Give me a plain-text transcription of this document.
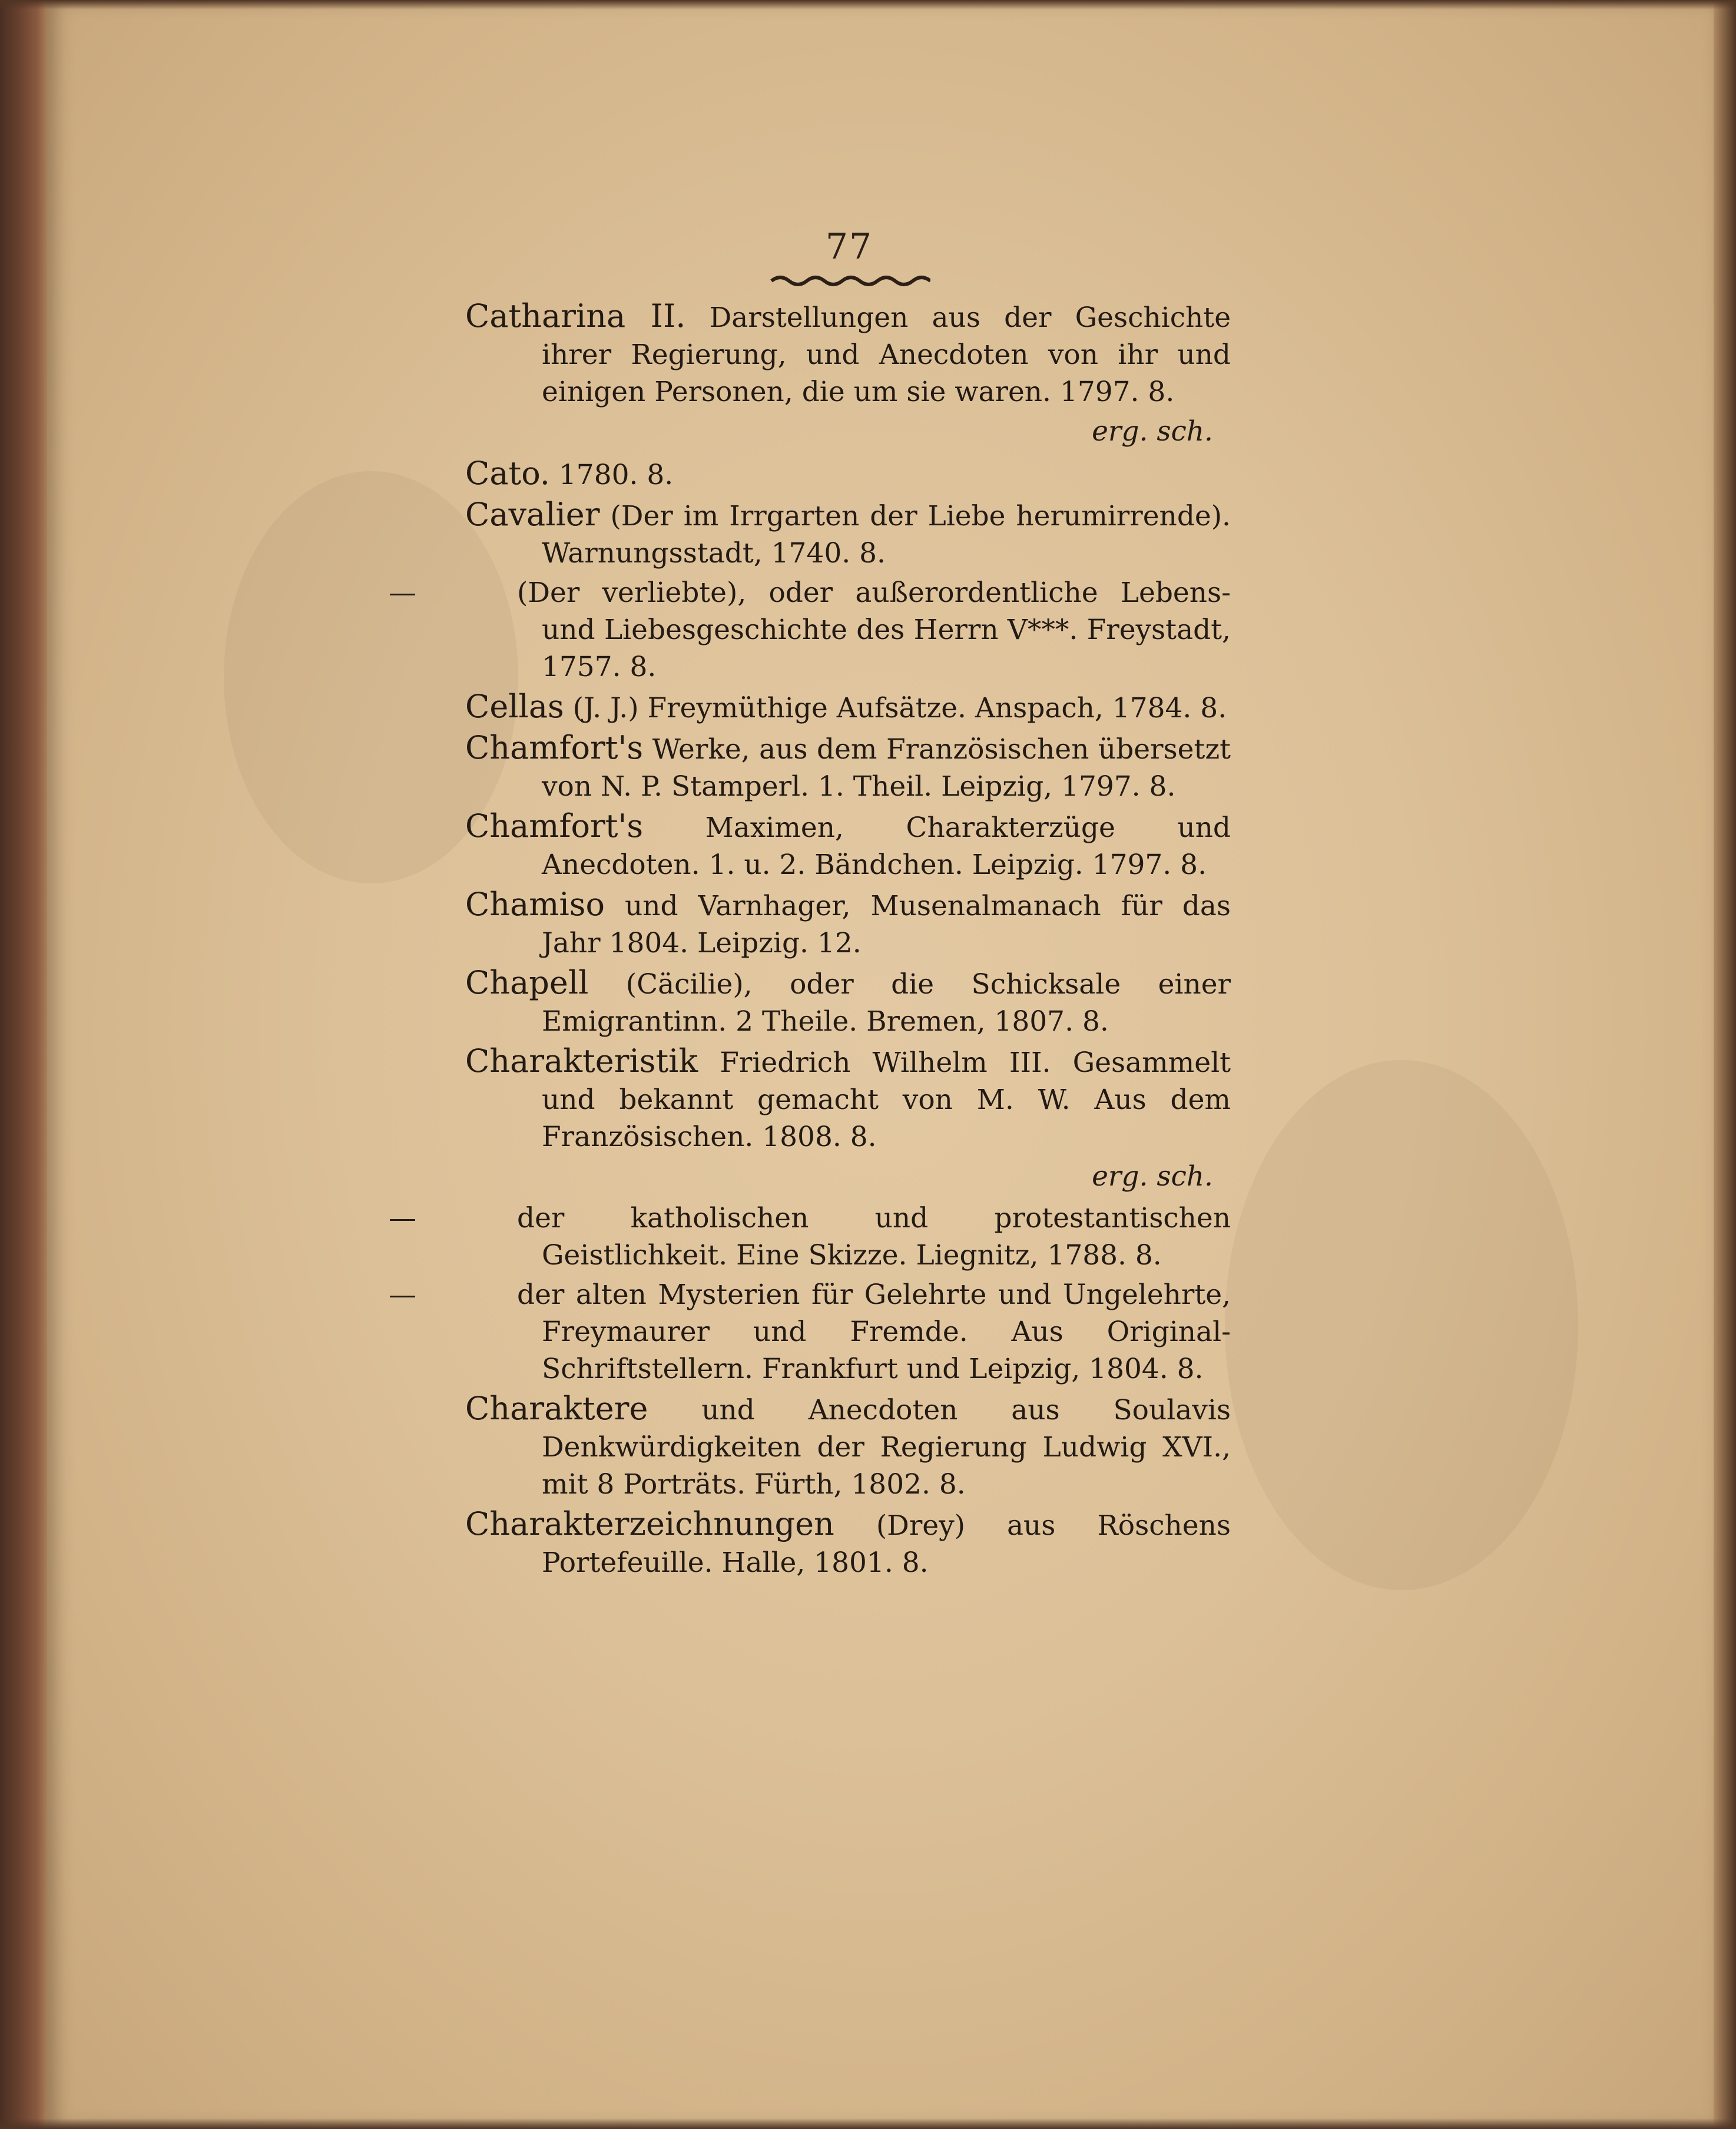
77

Catharina II. Darstellungen aus der Geschichte ihrer Regierung, und Anecdoten von ihr und einigen Personen, die um sie waren. 1797. 8.

erg. sch.

Cato. 1780. 8.

Cavalier (Der im Irrgarten der Liebe herumirrende). Warnungsstadt, 1740. 8.

—	(Der verliebte), oder außerordentliche Lebens- und Liebesgeschichte des Herrn V***. Freystadt, 1757. 8.

Cellas (J. J.) Freymüthige Aufsätze. Anspach, 1784. 8.

Chamfort's Werke, aus dem Französischen übersetzt von N. P. Stamperl. 1. Theil. Leipzig, 1797. 8.

Chamfort's Maximen, Charakterzüge und Anecdoten. 1. u. 2. Bändchen. Leipzig. 1797. 8.

Chamiso und Varnhager, Musenalmanach für das Jahr 1804. Leipzig. 12.

Chapell (Cäcilie), oder die Schicksale einer Emigrantinn. 2 Theile. Bremen, 1807. 8.

Charakteristik Friedrich Wilhelm III. Gesammelt und bekannt gemacht von M. W. Aus dem Französischen. 1808. 8.

erg. sch.

—	der katholischen und protestantischen Geistlichkeit. Eine Skizze. Liegnitz, 1788. 8.

—	der alten Mysterien für Gelehrte und Ungelehrte, Freymaurer und Fremde. Aus Original-Schriftstellern. Frankfurt und Leipzig, 1804. 8.

Charaktere und Anecdoten aus Soulavis Denkwürdigkeiten der Regierung Ludwig XVI., mit 8 Porträts. Fürth, 1802. 8.

Charakterzeichnungen (Drey) aus Röschens Portefeuille. Halle, 1801. 8.
